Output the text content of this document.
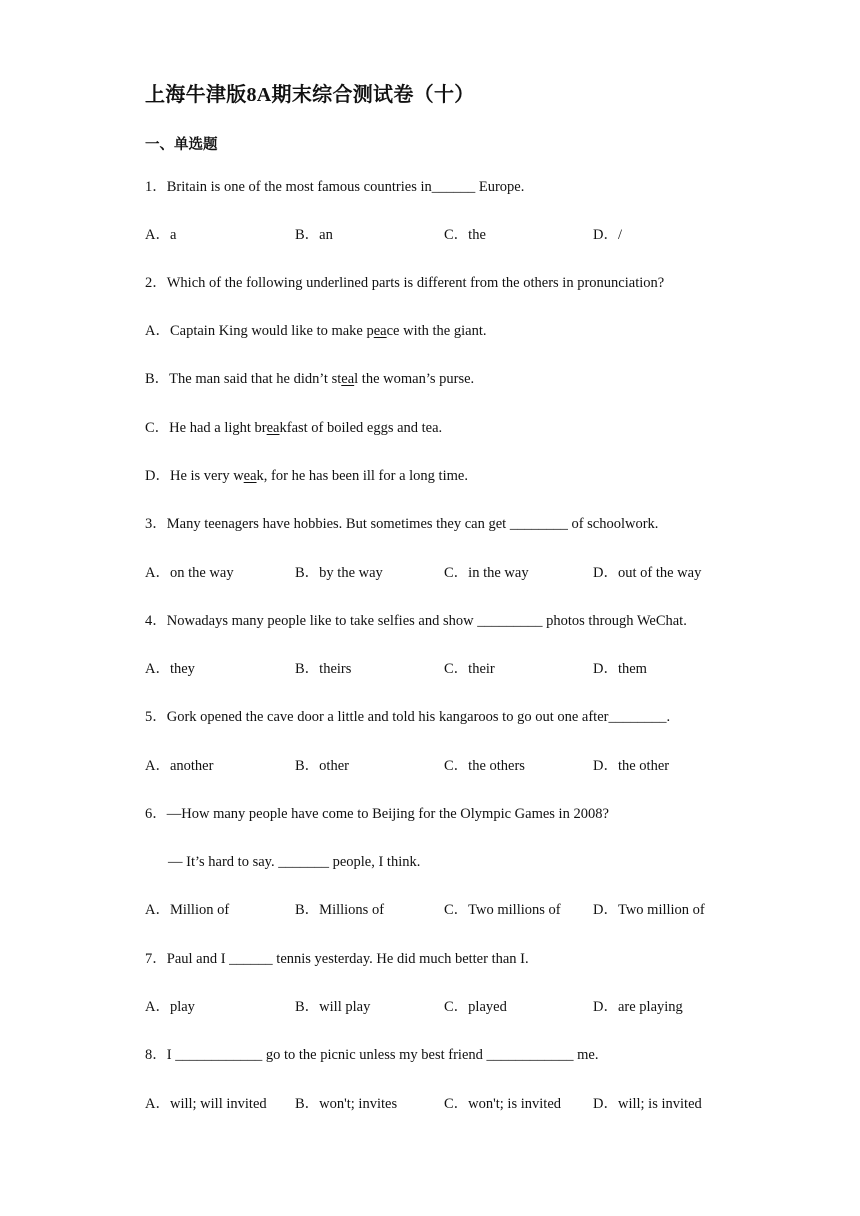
上海牛津版8A期末综合测试卷（十）
一、单选题
1．Britain is one of the most famous countries in______ Europe.
A．a	B．an	C．the	D．/
2．Which of the following underlined parts is different from the others in pronunciation?
A．Captain King would like to make peace with the giant.
B．The man said that he didn’t steal the woman’s purse.
C．He had a light breakfast of boiled eggs and tea.
D．He is very weak, for he has been ill for a long time.
3．Many teenagers have hobbies. But sometimes they can get ________ of schoolwork.
A．on the way	B．by the way	C．in the way	D．out of the way
4．Nowadays many people like to take selfies and show _________ photos through WeChat.
A．they	B．theirs	C．their	D．them
5．Gork opened the cave door a little and told his kangaroos to go out one after________.
A．another	B．other	C．the others	D．the other
6．—How many people have come to Beijing for the Olympic Games in 2008?
— It’s hard to say. _______ people, I think.
A．Million of	B．Millions of	C．Two millions of D．Two million of
7．Paul and I ______ tennis yesterday. He did much better than I.
A．play	B．will play	C．played	D．are playing
8．I ____________ go to the picnic unless my best friend ____________ me.
A．will; will invited B．won't; invites	C．won't; is invited D．will; is invited
